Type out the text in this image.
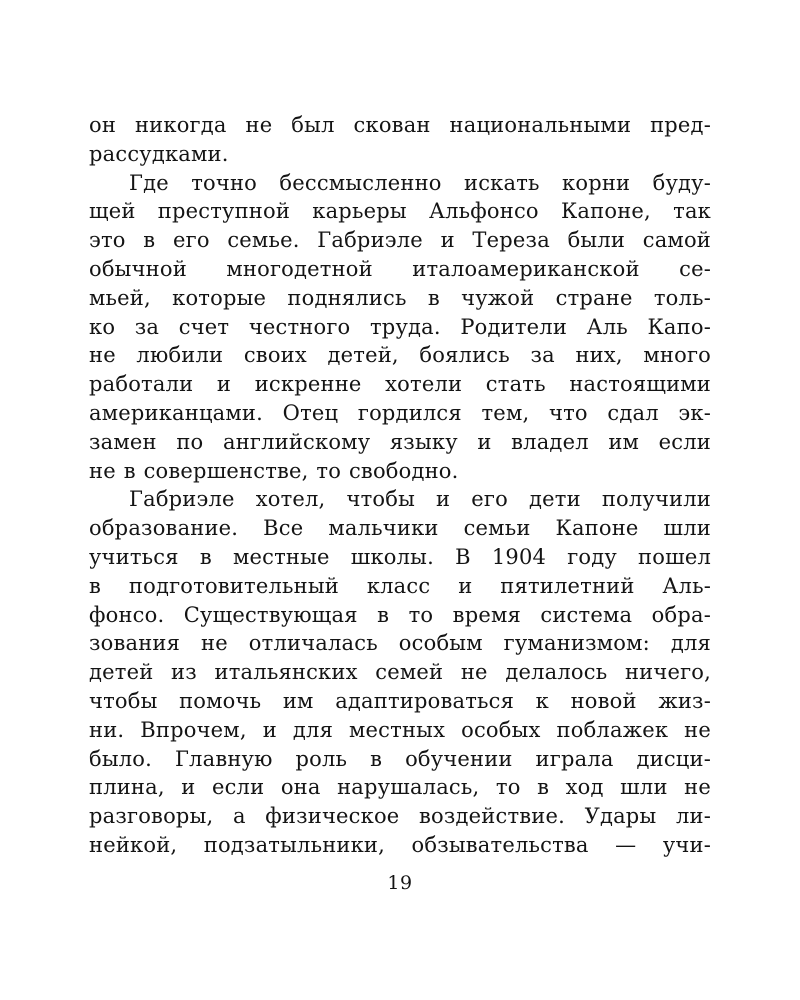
он никогда не был скован национальными пред-
рассудками.
Где точно бессмысленно искать корни буду-
щей преступной карьеры Альфонсо Капоне, так
это в его семье. Габриэле и Тереза были самой
обычной многодетной италоамериканской се-
мьей, которые поднялись в чужой стране толь-
ко за счет честного труда. Родители Аль Капо-
не любили своих детей, боялись за них, много
работали и искренне хотели стать настоящими
американцами. Отец гордился тем, что сдал эк-
замен по английскому языку и владел им если
не в совершенстве, то свободно.
Габриэле хотел, чтобы и его дети получили
образование. Все мальчики семьи Капоне шли
учиться в местные школы. В 1904 году пошел
в подготовительный класс и пятилетний Аль-
фонсо. Существующая в то время система обра-
зования не отличалась особым гуманизмом: для
детей из итальянских семей не делалось ничего,
чтобы помочь им адаптироваться к новой жиз-
ни. Впрочем, и для местных особых поблажек не
было. Главную роль в обучении играла дисци-
плина, и если она нарушалась, то в ход шли не
разговоры, а физическое воздействие. Удары ли-
нейкой, подзатыльники, обзывательства — учи-
19
